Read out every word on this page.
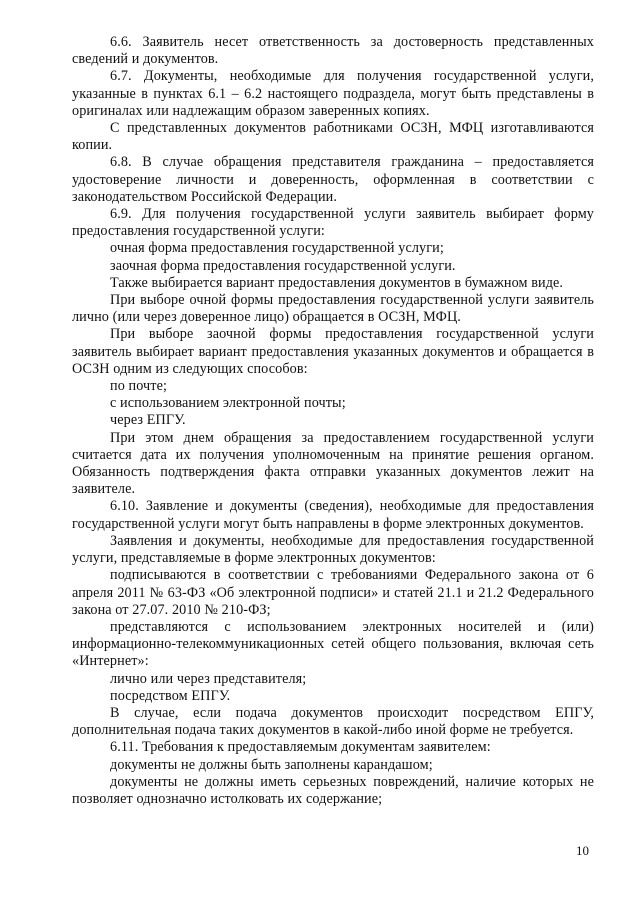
6.6. Заявитель несет ответственность за достоверность представленных сведений и документов.

6.7. Документы, необходимые для получения государственной услуги, указанные в пунктах 6.1 – 6.2 настоящего подраздела, могут быть представлены в оригиналах или надлежащим образом заверенных копиях.

С представленных документов работниками ОСЗН, МФЦ изготавливаются копии.

6.8. В случае обращения представителя гражданина – предоставляется удостоверение личности и доверенность, оформленная в соответствии с законодательством Российской Федерации.

6.9. Для получения государственной услуги заявитель выбирает форму предоставления государственной услуги:

очная форма предоставления государственной услуги;

заочная форма предоставления государственной услуги.

Также выбирается вариант предоставления документов в бумажном виде.

При выборе очной формы предоставления государственной услуги заявитель лично (или через доверенное лицо) обращается в ОСЗН, МФЦ.

При выборе заочной формы предоставления государственной услуги заявитель выбирает вариант предоставления указанных документов и обращается в ОСЗН одним из следующих способов:

по почте;

с использованием электронной почты;

через ЕПГУ.

При этом днем обращения за предоставлением государственной услуги считается дата их получения уполномоченным на принятие решения органом. Обязанность подтверждения факта отправки указанных документов лежит на заявителе.

6.10. Заявление и документы (сведения), необходимые для предоставления государственной услуги могут быть направлены в форме электронных документов.

Заявления и документы, необходимые для предоставления государственной услуги, представляемые в форме электронных документов:

подписываются в соответствии с требованиями Федерального закона от 6 апреля 2011 № 63-ФЗ «Об электронной подписи» и статей 21.1 и 21.2 Федерального закона от 27.07. 2010 № 210-ФЗ;

представляются с использованием электронных носителей и (или) информационно-телекоммуникационных сетей общего пользования, включая сеть «Интернет»:

лично или через представителя;

посредством ЕПГУ.

В случае, если подача документов происходит посредством ЕПГУ, дополнительная подача таких документов в какой-либо иной форме не требуется.

6.11. Требования к предоставляемым документам заявителем:

документы не должны быть заполнены карандашом;

документы не должны иметь серьезных повреждений, наличие которых не позволяет однозначно истолковать их содержание;

10
